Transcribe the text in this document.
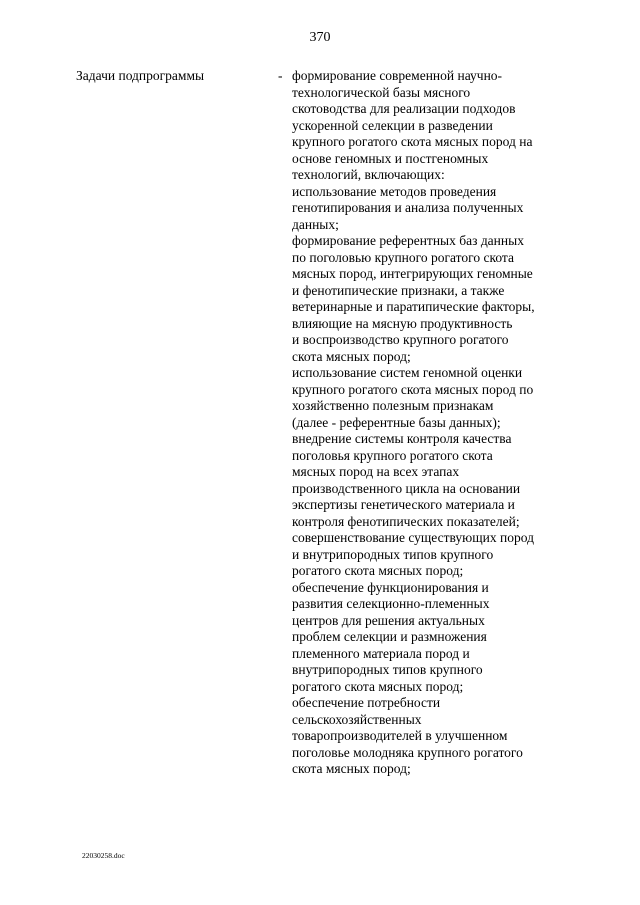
370
Задачи подпрограммы	- формирование современной научно-
технологической базы мясного
скотоводства для реализации подходов
ускоренной селекции в разведении
крупного рогатого скота мясных пород на
основе геномных и постгеномных
технологий, включающих:
использование методов проведения
генотипирования и анализа полученных
данных;
формирование референтных баз данных
по поголовью крупного рогатого скота
мясных пород, интегрирующих геномные
и фенотипические признаки, а также
ветеринарные и паратипические факторы,
влияющие на мясную продуктивность
и воспроизводство крупного рогатого
скота мясных пород;
использование систем геномной оценки
крупного рогатого скота мясных пород по
хозяйственно полезным признакам
(далее - референтные базы данных);
внедрение системы контроля качества
поголовья крупного рогатого скота
мясных пород на всех этапах
производственного цикла на основании
экспертизы генетического материала и
контроля фенотипических показателей;
совершенствование существующих пород
и внутрипородных типов крупного
рогатого скота мясных пород;
обеспечение функционирования и
развития селекционно-племенных
центров для решения актуальных
проблем селекции и размножения
племенного материала пород и
внутрипородных типов крупного
рогатого скота мясных пород;
обеспечение потребности
сельскохозяйственных
товаропроизводителей в улучшенном
поголовье молодняка крупного рогатого
скота мясных пород;
22030258.doc
